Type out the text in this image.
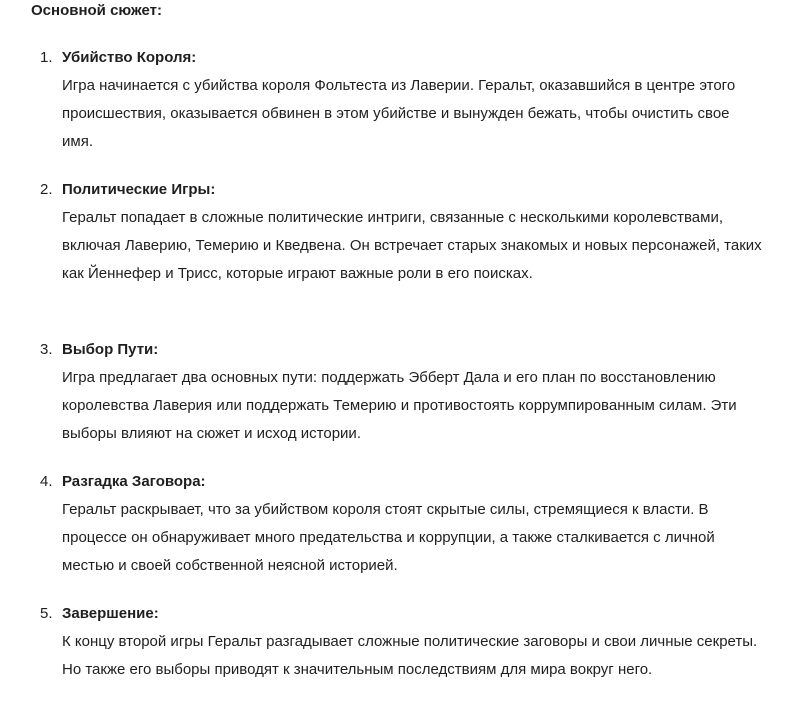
Основной сюжет:
1. Убийство Короля:
Игра начинается с убийства короля Фольтеста из Лаверии. Геральт, оказавшийся в центре этого происшествия, оказывается обвинен в этом убийстве и вынужден бежать, чтобы очистить свое имя.
2. Политические Игры:
Геральт попадает в сложные политические интриги, связанные с несколькими королевствами, включая Лаверию, Темерию и Кведвена. Он встречает старых знакомых и новых персонажей, таких как Йеннефер и Трисс, которые играют важные роли в его поисках.
3. Выбор Пути:
Игра предлагает два основных пути: поддержать Эбберт Дала и его план по восстановлению королевства Лаверия или поддержать Темерию и противостоять коррумпированным силам. Эти выборы влияют на сюжет и исход истории.
4. Разгадка Заговора:
Геральт раскрывает, что за убийством короля стоят скрытые силы, стремящиеся к власти. В процессе он обнаруживает много предательства и коррупции, а также сталкивается с личной местью и своей собственной неясной историей.
5. Завершение:
К концу второй игры Геральт разгадывает сложные политические заговоры и свои личные секреты. Но также его выборы приводят к значительным последствиям для мира вокруг него.
